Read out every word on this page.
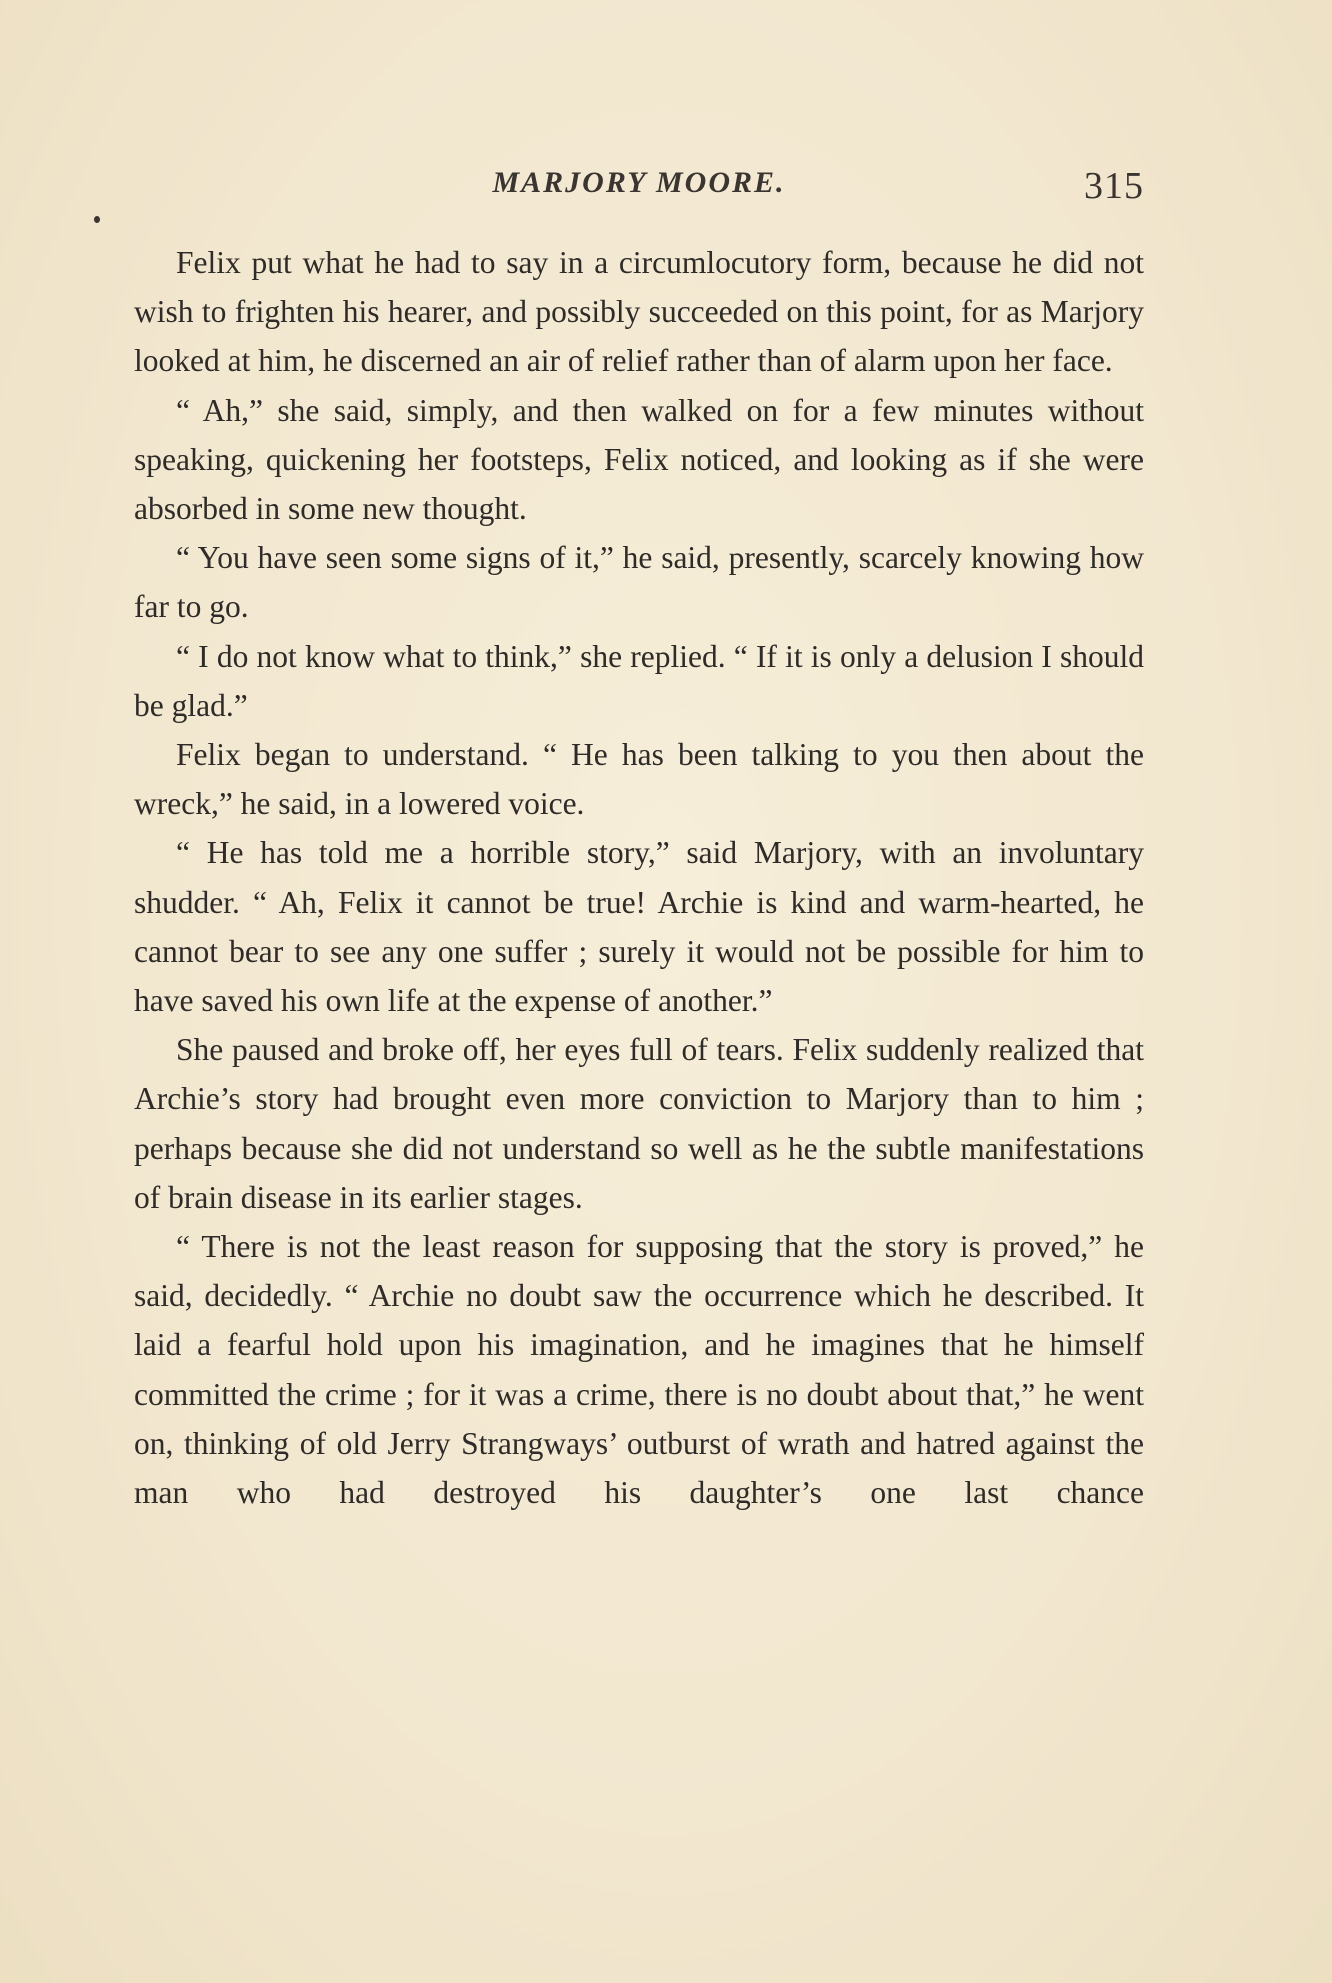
MARJORY MOORE.	315

Felix put what he had to say in a circumlocutory form, because he did not wish to frighten his hearer, and possibly succeeded on this point, for as Marjory looked at him, he discerned an air of relief rather than of alarm upon her face.

“ Ah,” she said, simply, and then walked on for a few minutes without speaking, quickening her footsteps, Felix noticed, and looking as if she were absorbed in some new thought.

“ You have seen some signs of it,” he said, presently, scarcely knowing how far to go.

“ I do not know what to think,” she replied. “ If it is only a delusion I should be glad.”

Felix began to understand. “ He has been talking to you then about the wreck,” he said, in a lowered voice.

“ He has told me a horrible story,” said Marjory, with an involuntary shudder. “ Ah, Felix it cannot be true! Archie is kind and warm-hearted, he cannot bear to see any one suffer ; surely it would not be possible for him to have saved his own life at the expense of another.”

She paused and broke off, her eyes full of tears. Felix suddenly realized that Archie’s story had brought even more conviction to Marjory than to him ; perhaps because she did not understand so well as he the subtle manifestations of brain disease in its earlier stages.

“ There is not the least reason for supposing that the story is proved,” he said, decidedly. “ Archie no doubt saw the occurrence which he described. It laid a fearful hold upon his imagination, and he imagines that he himself committed the crime ; for it was a crime, there is no doubt about that,” he went on, thinking of old Jerry Strangways’ outburst of wrath and hatred against the man who had destroyed his daughter’s one last chance
